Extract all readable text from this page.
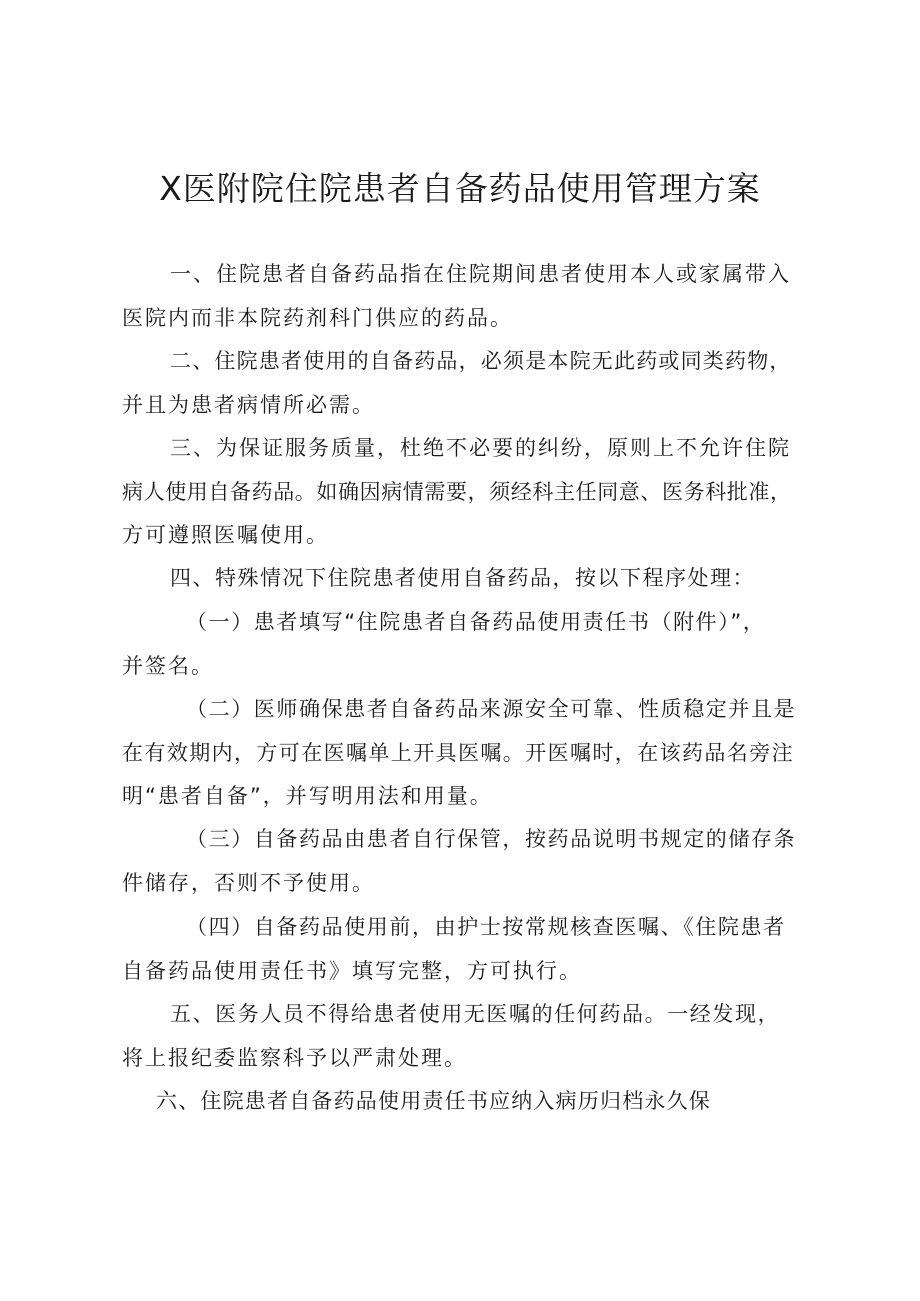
X医附院住院患者自备药品使用管理方案

一、住院患者自备药品指在住院期间患者使用本人或家属带入
医院内而非本院药剂科门供应的药品。

二、住院患者使用的自备药品，必须是本院无此药或同类药物，
并且为患者病情所必需。

三、为保证服务质量，杜绝不必要的纠纷，原则上不允许住院
病人使用自备药品。如确因病情需要，须经科主任同意、医务科批准，
方可遵照医嘱使用。

四、特殊情况下住院患者使用自备药品，按以下程序处理：

（一）患者填写“住院患者自备药品使用责任书（附件）”，
并签名。

（二）医师确保患者自备药品来源安全可靠、性质稳定并且是
在有效期内，方可在医嘱单上开具医嘱。开医嘱时，在该药品名旁注
明“患者自备”，并写明用法和用量。

（三）自备药品由患者自行保管，按药品说明书规定的储存条
件储存，否则不予使用。

（四）自备药品使用前，由护士按常规核查医嘱、《住院患者
自备药品使用责任书》填写完整，方可执行。

五、医务人员不得给患者使用无医嘱的任何药品。一经发现，
将上报纪委监察科予以严肃处理。

六、住院患者自备药品使用责任书应纳入病历归档永久保
